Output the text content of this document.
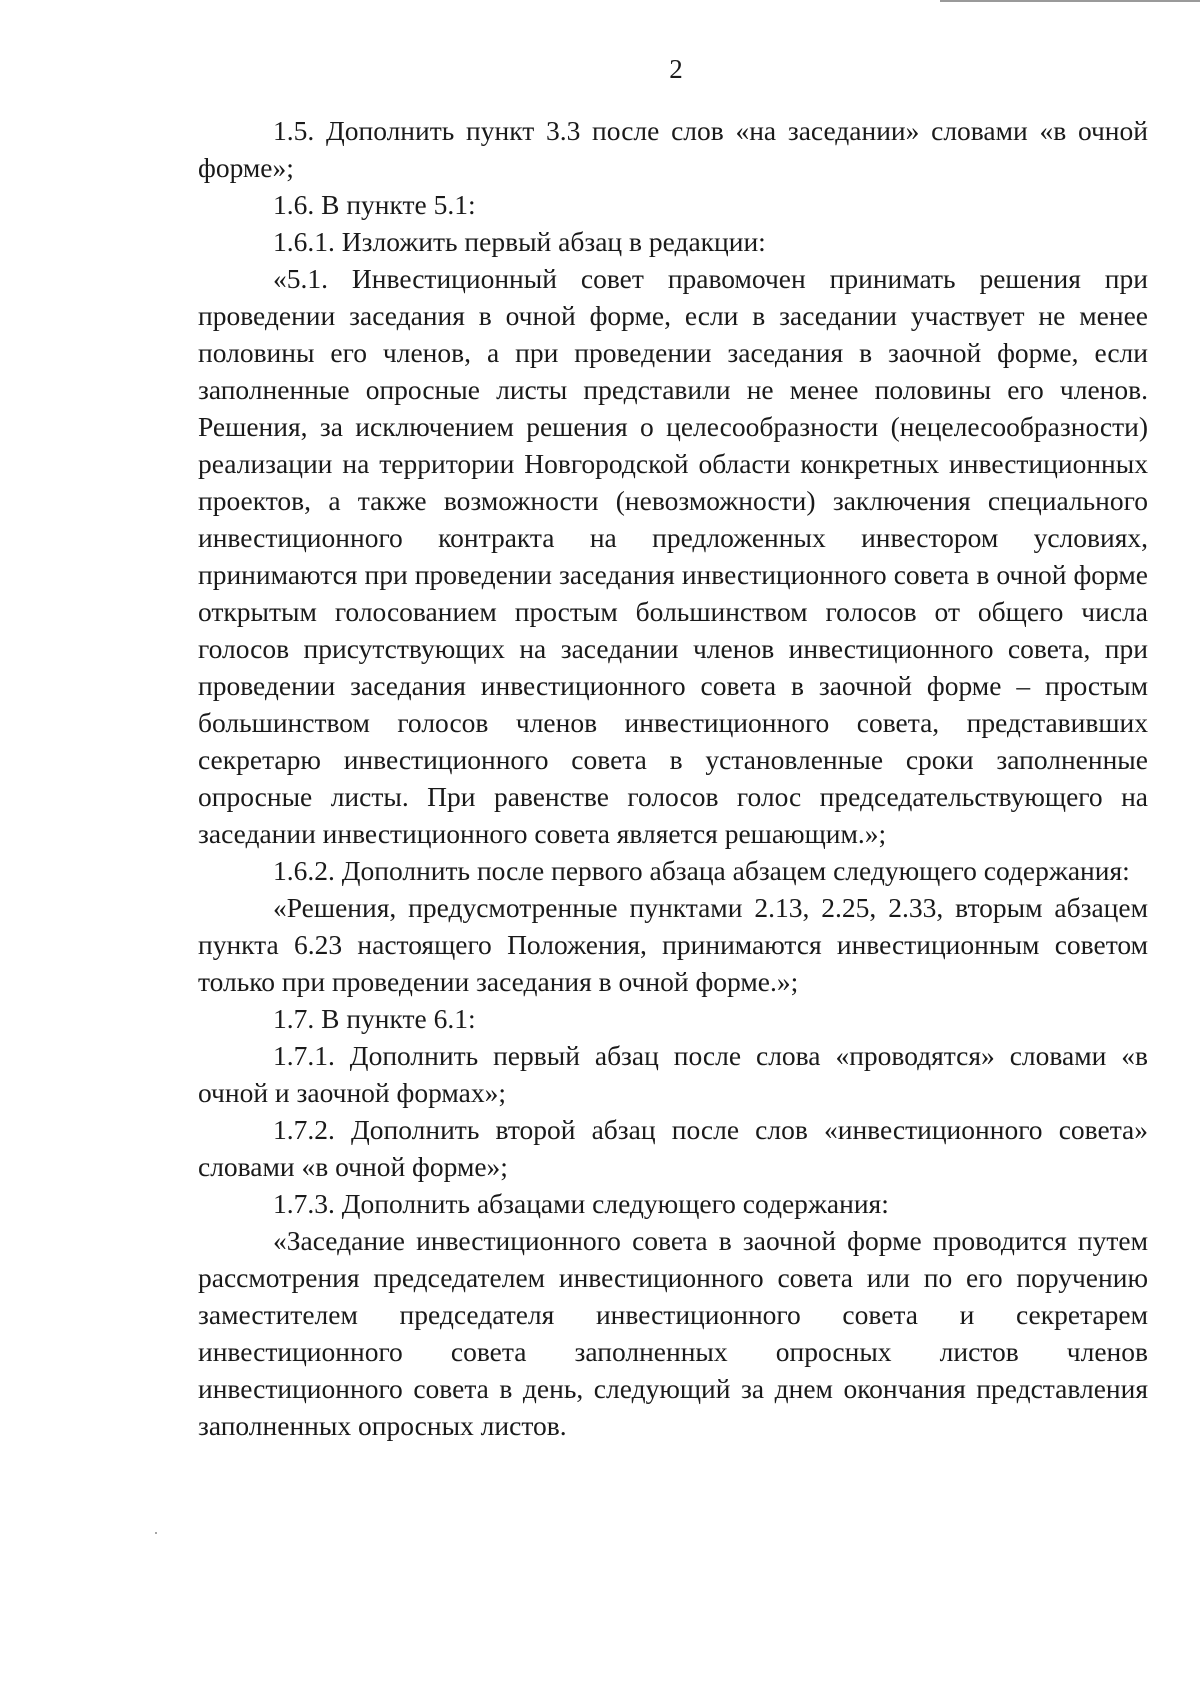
2

1.5. Дополнить пункт 3.3 после слов «на заседании» словами «в очной форме»;

1.6. В пункте 5.1:

1.6.1. Изложить первый абзац в редакции:

«5.1. Инвестиционный совет правомочен принимать решения при проведении заседания в очной форме, если в заседании участвует не менее половины его членов, а при проведении заседания в заочной форме, если заполненные опросные листы представили не менее половины его членов. Решения, за исключением решения о целесообразности (нецелесообразности) реализации на территории Новгородской области конкретных инвестиционных проектов, а также возможности (невозможности) заключения специального инвестиционного контракта на предложенных инвестором условиях, принимаются при проведении заседания инвестиционного совета в очной форме открытым голосованием простым большинством голосов от общего числа голосов присутствующих на заседании членов инвестиционного совета, при проведении заседания инвестиционного совета в заочной форме – простым большинством голосов членов инвестиционного совета, представивших секретарю инвестиционного совета в установленные сроки заполненные опросные листы. При равенстве голосов голос председательствующего на заседании инвестиционного совета является решающим.»;

1.6.2. Дополнить после первого абзаца абзацем следующего содержания:

«Решения, предусмотренные пунктами 2.13, 2.25, 2.33, вторым абзацем пункта 6.23 настоящего Положения, принимаются инвестиционным советом только при проведении заседания в очной форме.»;

1.7. В пункте 6.1:

1.7.1. Дополнить первый абзац после слова «проводятся» словами «в очной и заочной формах»;

1.7.2. Дополнить второй абзац после слов «инвестиционного совета» словами «в очной форме»;

1.7.3. Дополнить абзацами следующего содержания:

«Заседание инвестиционного совета в заочной форме проводится путем рассмотрения председателем инвестиционного совета или по его поручению заместителем председателя инвестиционного совета и секретарем инвестиционного совета заполненных опросных листов членов инвестиционного совета в день, следующий за днем окончания представления заполненных опросных листов.
